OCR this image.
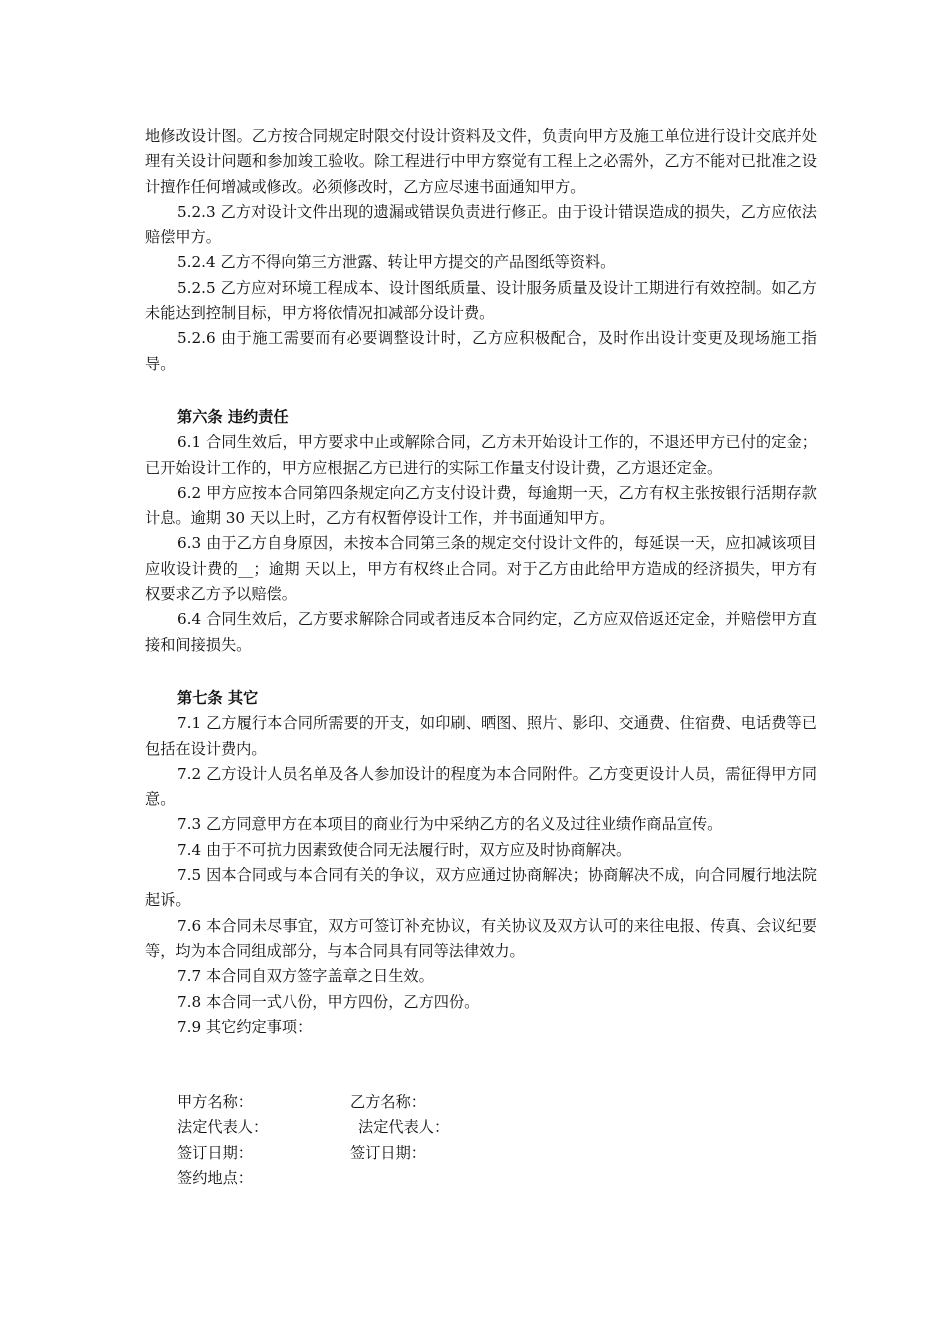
地修改设计图。乙方按合同规定时限交付设计资料及文件，负责向甲方及施工单位进行设计交底并处理有关设计问题和参加竣工验收。除工程进行中甲方察觉有工程上之必需外，乙方不能对已批准之设计擅作任何增减或修改。必须修改时，乙方应尽速书面通知甲方。

5.2.3 乙方对设计文件出现的遗漏或错误负责进行修正。由于设计错误造成的损失，乙方应依法赔偿甲方。

5.2.4 乙方不得向第三方泄露、转让甲方提交的产品图纸等资料。

5.2.5 乙方应对环境工程成本、设计图纸质量、设计服务质量及设计工期进行有效控制。如乙方未能达到控制目标，甲方将依情况扣减部分设计费。

5.2.6 由于施工需要而有必要调整设计时，乙方应积极配合，及时作出设计变更及现场施工指导。

第六条 违约责任

6.1 合同生效后，甲方要求中止或解除合同，乙方未开始设计工作的，不退还甲方已付的定金；已开始设计工作的，甲方应根据乙方已进行的实际工作量支付设计费，乙方退还定金。

6.2 甲方应按本合同第四条规定向乙方支付设计费，每逾期一天，乙方有权主张按银行活期存款计息。逾期 30 天以上时，乙方有权暂停设计工作，并书面通知甲方。

6.3 由于乙方自身原因，未按本合同第三条的规定交付设计文件的，每延误一天，应扣减该项目应收设计费的__；逾期 天以上，甲方有权终止合同。对于乙方由此给甲方造成的经济损失，甲方有权要求乙方予以赔偿。

6.4 合同生效后，乙方要求解除合同或者违反本合同约定，乙方应双倍返还定金，并赔偿甲方直接和间接损失。

第七条 其它

7.1 乙方履行本合同所需要的开支，如印刷、晒图、照片、影印、交通费、住宿费、电话费等已包括在设计费内。

7.2 乙方设计人员名单及各人参加设计的程度为本合同附件。乙方变更设计人员，需征得甲方同意。

7.3 乙方同意甲方在本项目的商业行为中采纳乙方的名义及过往业绩作商品宣传。

7.4 由于不可抗力因素致使合同无法履行时，双方应及时协商解决。

7.5 因本合同或与本合同有关的争议，双方应通过协商解决；协商解决不成，向合同履行地法院起诉。

7.6 本合同未尽事宜，双方可签订补充协议，有关协议及双方认可的来往电报、传真、会议纪要等，均为本合同组成部分，与本合同具有同等法律效力。

7.7 本合同自双方签字盖章之日生效。

7.8 本合同一式八份，甲方四份，乙方四份。

7.9 其它约定事项：

甲方名称：	乙方名称：
法定代表人：	法定代表人：
签订日期：	签订日期：
签约地点：
